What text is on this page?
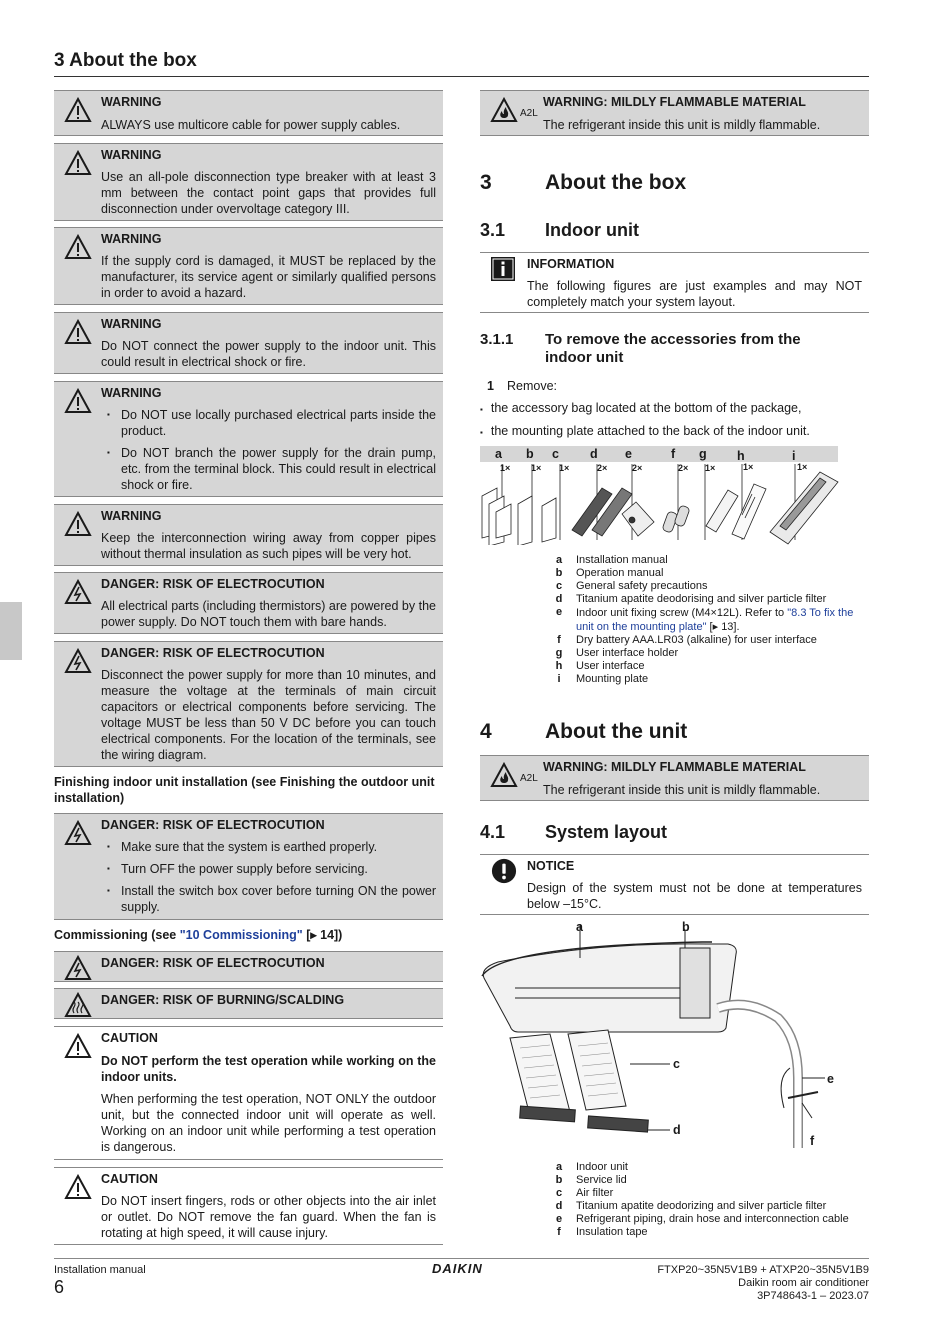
3 About the box
WARNING
ALWAYS use multicore cable for power supply cables.
WARNING
Use an all-pole disconnection type breaker with at least 3 mm between the contact point gaps that provides full disconnection under overvoltage category III.
WARNING
If the supply cord is damaged, it MUST be replaced by the manufacturer, its service agent or similarly qualified persons in order to avoid a hazard.
WARNING
Do NOT connect the power supply to the indoor unit. This could result in electrical shock or fire.
WARNING
▪ Do NOT use locally purchased electrical parts inside the product.
▪ Do NOT branch the power supply for the drain pump, etc. from the terminal block. This could result in electrical shock or fire.
WARNING
Keep the interconnection wiring away from copper pipes without thermal insulation as such pipes will be very hot.
DANGER: RISK OF ELECTROCUTION
All electrical parts (including thermistors) are powered by the power supply. Do NOT touch them with bare hands.
DANGER: RISK OF ELECTROCUTION
Disconnect the power supply for more than 10 minutes, and measure the voltage at the terminals of main circuit capacitors or electrical components before servicing. The voltage MUST be less than 50 V DC before you can touch electrical components. For the location of the terminals, see the wiring diagram.
Finishing indoor unit installation (see Finishing the outdoor unit installation)
DANGER: RISK OF ELECTROCUTION
▪ Make sure that the system is earthed properly.
▪ Turn OFF the power supply before servicing.
▪ Install the switch box cover before turning ON the power supply.
Commissioning (see "10 Commissioning" [▸ 14])
DANGER: RISK OF ELECTROCUTION
DANGER: RISK OF BURNING/SCALDING
CAUTION
Do NOT perform the test operation while working on the indoor units.
When performing the test operation, NOT ONLY the outdoor unit, but the connected indoor unit will operate as well. Working on an indoor unit while performing a test operation is dangerous.
CAUTION
Do NOT insert fingers, rods or other objects into the air inlet or outlet. Do NOT remove the fan guard. When the fan is rotating at high speed, it will cause injury.
A2L
WARNING: MILDLY FLAMMABLE MATERIAL
The refrigerant inside this unit is mildly flammable.
3	About the box
3.1 Indoor unit
INFORMATION
The following figures are just examples and may NOT completely match your system layout.
3.1.1 To remove the accessories from the indoor unit
1 Remove:
▪ the accessory bag located at the bottom of the package,
▪ the mounting plate attached to the back of the indoor unit.
a b c d e	f g h	i
1× 1× 1×	2×	2×	2× 1×	1×	1×
a Installation manual
b Operation manual
c General safety precautions
d Titanium apatite deodorising and silver particle filter
e Indoor unit fixing screw (M4×12L). Refer to "8.3 To fix the unit on the mounting plate" [▸ 13].
f	Dry battery AAA.LR03 (alkaline) for user interface
g User interface holder
h User interface
i	Mounting plate
4	About the unit
A2L
WARNING: MILDLY FLAMMABLE MATERIAL
The refrigerant inside this unit is mildly flammable.
4.1 System layout
NOTICE
Design of the system must not be done at temperatures below –15°C.
a	b
c
d
e
f
a Indoor unit
b Service lid
c Air filter
d Titanium apatite deodorizing and silver particle filter
e Refrigerant piping, drain hose and interconnection cable
f	Insulation tape
Installation manual
6
DAIKIN	FTXP20~35N5V1B9 + ATXP20~35N5V1B9
Daikin room air conditioner
3P748643-1 – 2023.07
